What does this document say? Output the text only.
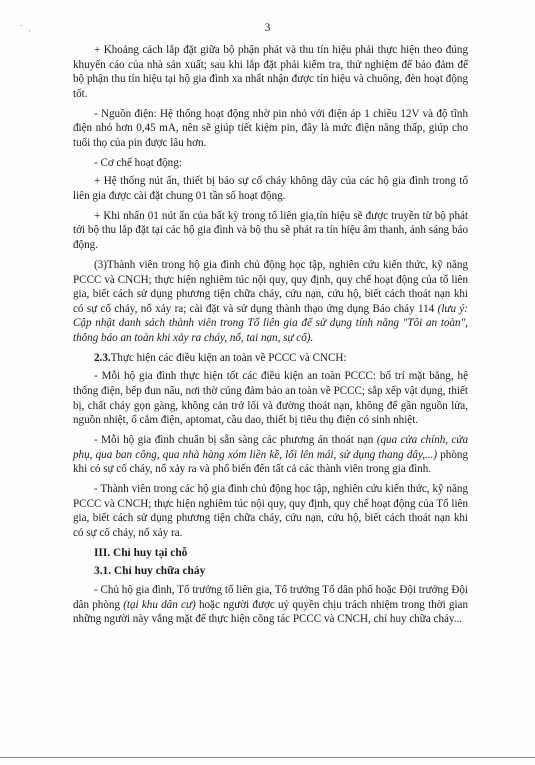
.
·	3

+ Khoảng cách lắp đặt giữa bộ phận phát và thu tín hiệu phải thực hiện theo đúng khuyến cáo của nhà sản xuất; sau khi lắp đặt phải kiểm tra, thử nghiệm để bảo đảm để bộ phận thu tín hiệu tại hộ gia đình xa nhất nhận được tín hiệu và chuông, đèn hoạt động tốt.

- Nguồn điện: Hệ thống hoạt động nhờ pin nhỏ với điện áp 1 chiều 12V và độ tĩnh điện nhỏ hơn 0,45 mA, nên sẽ giúp tiết kiệm pin, đây là mức điện năng thấp, giúp cho tuổi thọ của pin được lâu hơn.

- Cơ chế hoạt động:

+ Hệ thống nút ấn, thiết bị báo sự cố cháy không dây của các hộ gia đình trong tổ liên gia được cài đặt chung 01 tần số hoạt động.

+ Khi nhấn 01 nút ấn của bất kỳ trong tổ liên gia,tín hiệu sẽ được truyền từ bộ phát tới bộ thu lắp đặt tại các hộ gia đình và bộ thu sẽ phát ra tín hiệu âm thanh, ánh sáng báo động.

(3)Thành viên trong hộ gia đình chủ động học tập, nghiên cứu kiến thức, kỹ năng PCCC và CNCH; thực hiện nghiêm túc nội quy, quy định, quy chế hoạt động của tổ liên gia, biết cách sử dụng phương tiện chữa cháy, cứu nạn, cứu hộ, biết cách thoát nạn khi có sự cố cháy, nổ xảy ra; cài đặt và sử dụng thành thạo ứng dụng Báo cháy 114 (lưu ý: Cập nhật danh sách thành viên trong Tổ liên gia để sử dụng tính năng "Tôi an toàn", thông báo an toàn khi xảy ra cháy, nổ, tai nạn, sự cố).

2.3.Thực hiện các điều kiện an toàn về PCCC và CNCH:

- Mỗi hộ gia đình thực hiện tốt các điều kiện an toàn PCCC: bố trí mặt bằng, hệ thống điện, bếp đun nấu, nơi thờ cúng đảm bảo an toàn về PCCC; sắp xếp vật dụng, thiết bị, chất cháy gọn gàng, không cản trở lối và đường thoát nạn, không để gần nguồn lửa, nguồn nhiệt, ổ cắm điện, aptomat, cầu dao, thiết bị tiêu thụ điện có sinh nhiệt.

- Mỗi hộ gia đình chuẩn bị sẵn sàng các phương án thoát nạn (qua cửa chính, cửa phụ, qua ban công, qua nhà hàng xóm liền kề, lối lên mái, sử dụng thang dây,...) phòng khi có sự cố cháy, nổ xảy ra và phổ biến đến tất cả các thành viên trong gia đình.

- Thành viên trong các hộ gia đình chủ động học tập, nghiên cứu kiến thức, kỹ năng PCCC và CNCH; thực hiện nghiêm túc nội quy, quy định, quy chế hoạt động của Tổ liên gia, biết cách sử dụng phương tiện chữa cháy, cứu nạn, cứu hộ, biết cách thoát nạn khi có sự cố cháy, nổ xảy ra.

III. Chỉ huy tại chỗ
3.1. Chỉ huy chữa cháy

- Chủ hộ gia đình, Tổ trưởng tổ liên gia, Tổ trưởng Tổ dân phố hoặc Đội trưởng Đội dân phòng (tại khu dân cư) hoặc người được uỷ quyền chịu trách nhiệm trong thời gian những người này vắng mặt để thực hiện công tác PCCC và CNCH, chỉ huy chữa cháy...
